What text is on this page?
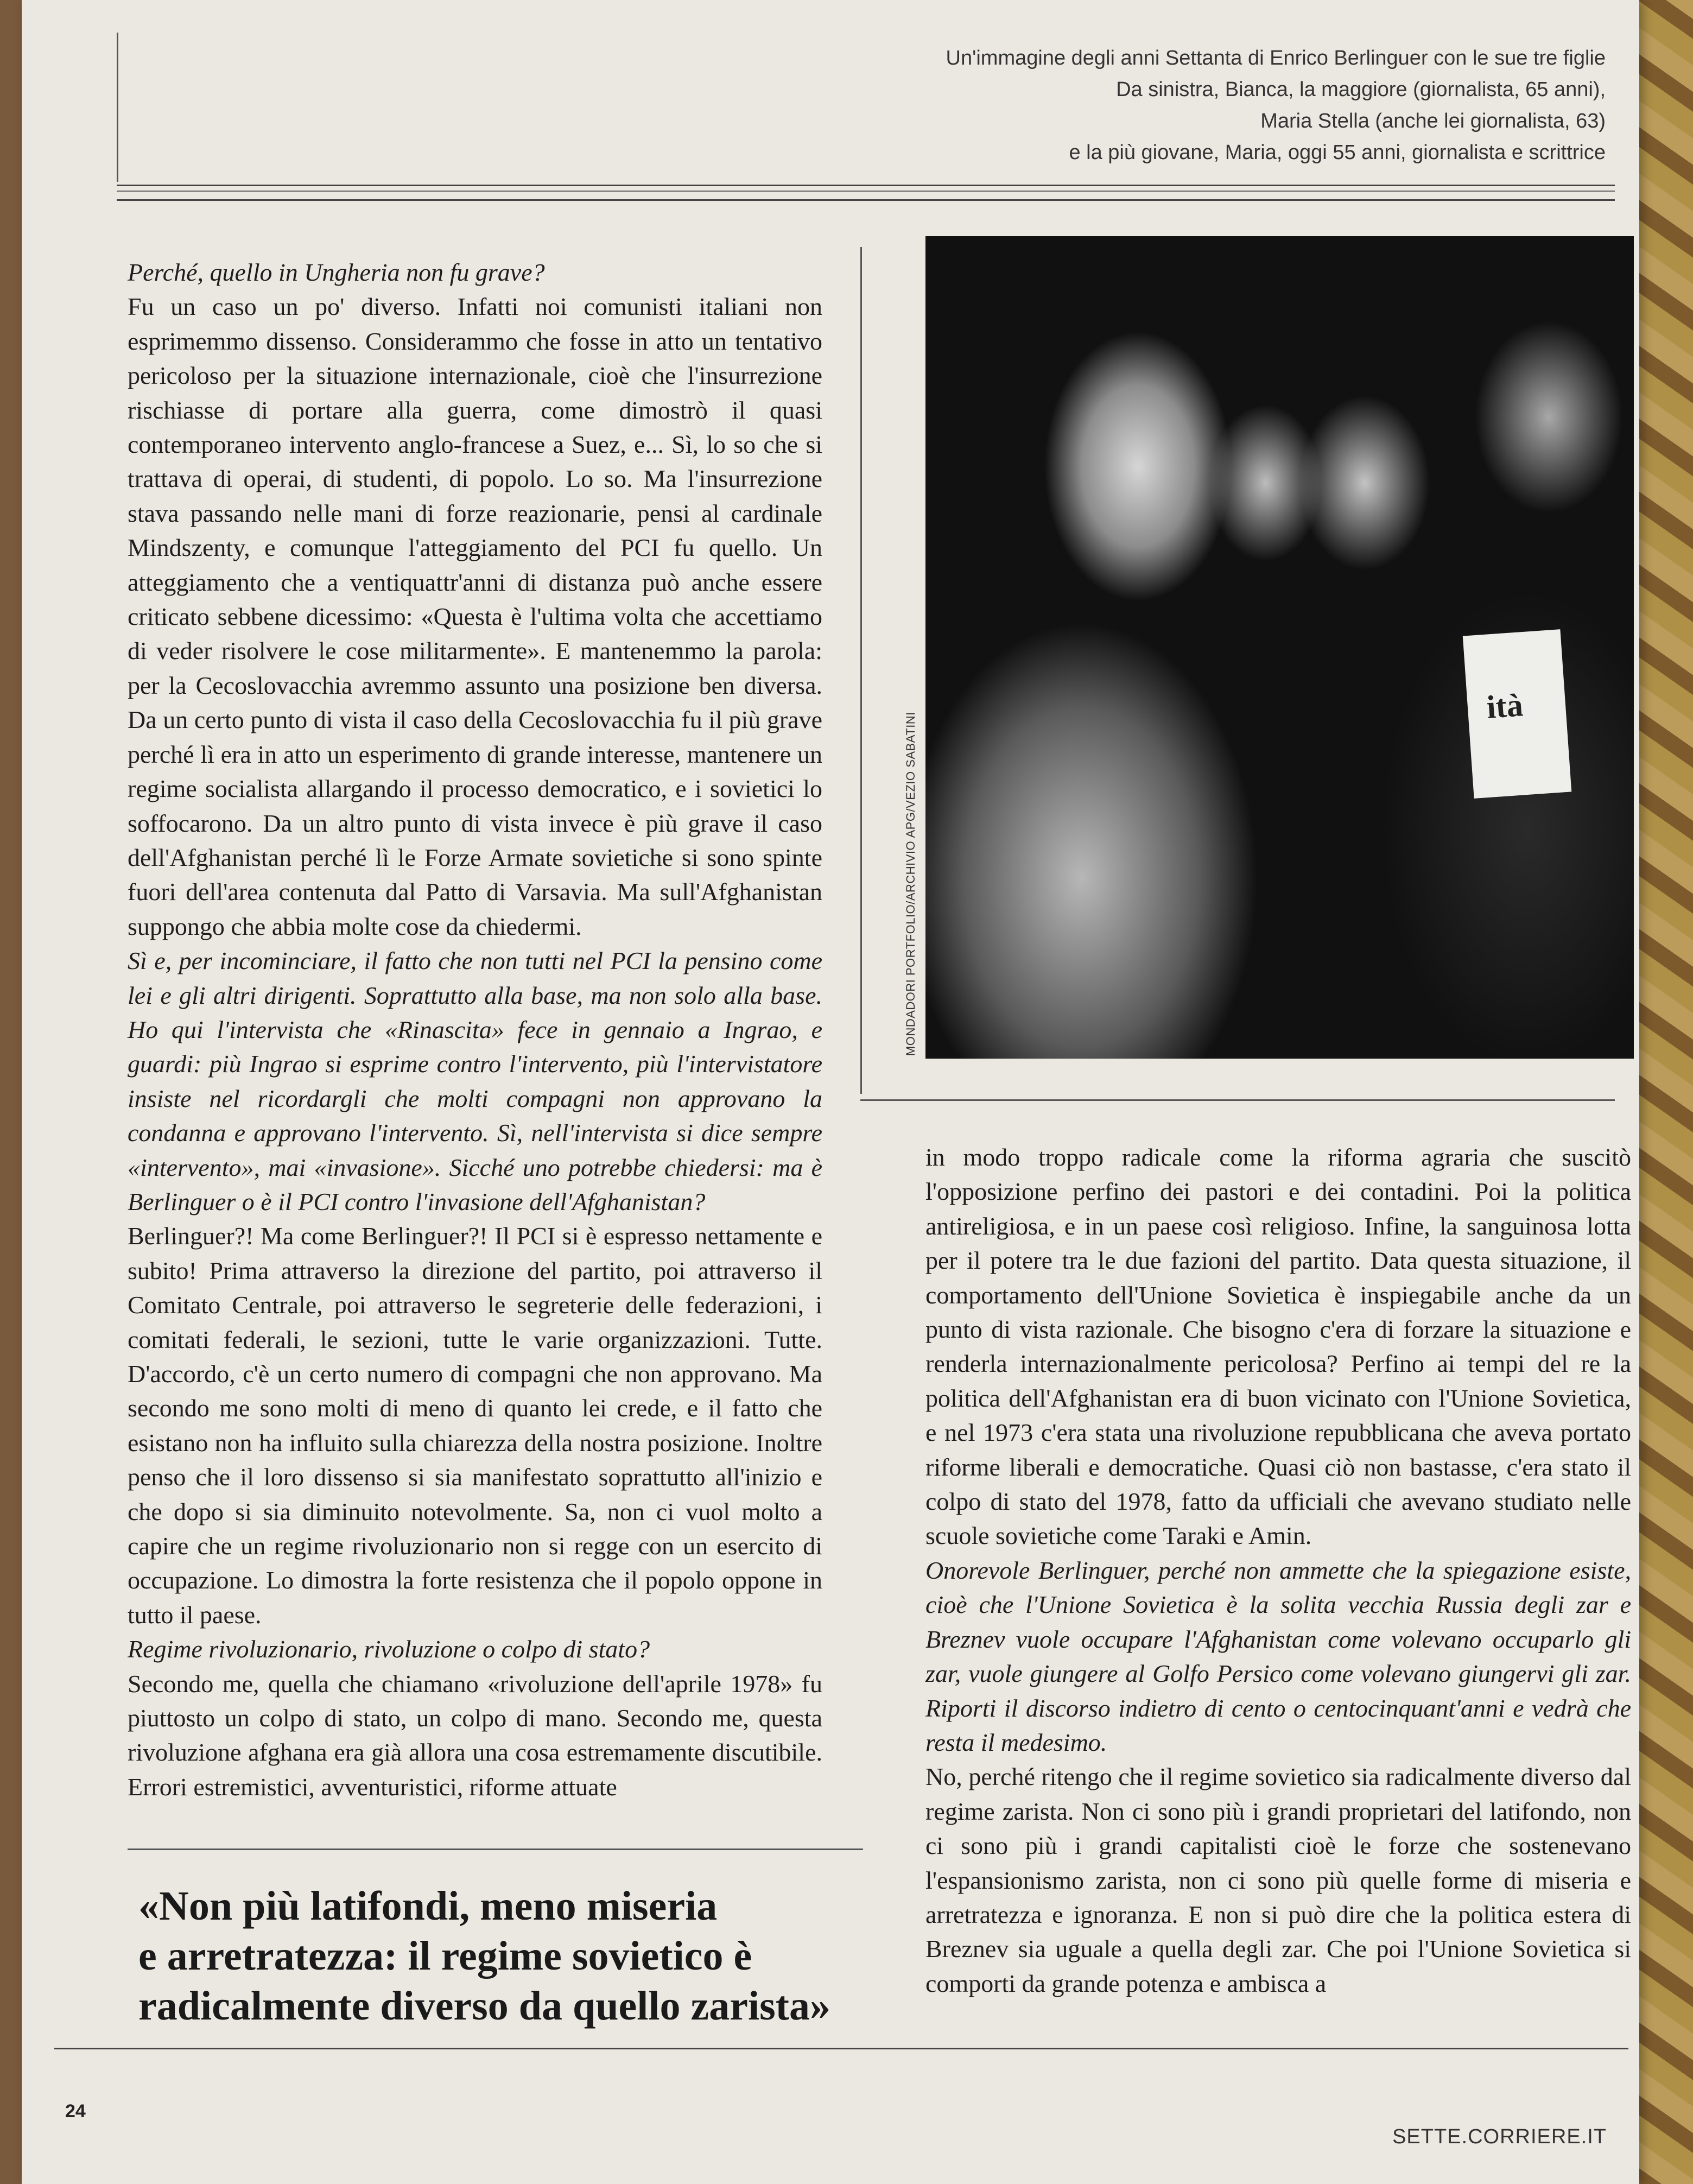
Un'immagine degli anni Settanta di Enrico Berlinguer con le sue tre figlie
Da sinistra, Bianca, la maggiore (giornalista, 65 anni),
Maria Stella (anche lei giornalista, 63)
e la più giovane, Maria, oggi 55 anni, giornalista e scrittrice

Perché, quello in Ungheria non fu grave?

Fu un caso un po' diverso. Infatti noi comunisti italiani non esprimemmo dissenso. Considerammo che fosse in atto un tentativo pericoloso per la situazione internazionale, cioè che l'insurrezione rischiasse di portare alla guerra, come dimostrò il quasi contemporaneo intervento anglo-francese a Suez, e... Sì, lo so che si trattava di operai, di studenti, di popolo. Lo so. Ma l'insurrezione stava passando nelle mani di forze reazionarie, pensi al cardinale Mindszenty, e comunque l'atteggiamento del PCI fu quello. Un atteggiamento che a ventiquattr'anni di distanza può anche essere criticato sebbene dicessimo: «Questa è l'ultima volta che accettiamo di veder risolvere le cose militarmente». E mantenemmo la parola: per la Cecoslovacchia avremmo assunto una posizione ben diversa. Da un certo punto di vista il caso della Cecoslovacchia fu il più grave perché lì era in atto un esperimento di grande interesse, mantenere un regime socialista allargando il processo democratico, e i sovietici lo soffocarono. Da un altro punto di vista invece è più grave il caso dell'Afghanistan perché lì le Forze Armate sovietiche si sono spinte fuori dell'area contenuta dal Patto di Varsavia. Ma sull'Afghanistan suppongo che abbia molte cose da chiedermi.

Sì e, per incominciare, il fatto che non tutti nel PCI la pensino come lei e gli altri dirigenti. Soprattutto alla base, ma non solo alla base. Ho qui l'intervista che «Rinascita» fece in gennaio a Ingrao, e guardi: più Ingrao si esprime contro l'intervento, più l'intervistatore insiste nel ricordargli che molti compagni non approvano la condanna e approvano l'intervento. Sì, nell'intervista si dice sempre «intervento», mai «invasione». Sicché uno potrebbe chiedersi: ma è Berlinguer o è il PCI contro l'invasione dell'Afghanistan?

Berlinguer?! Ma come Berlinguer?! Il PCI si è espresso nettamente e subito! Prima attraverso la direzione del partito, poi attraverso il Comitato Centrale, poi attraverso le segreterie delle federazioni, i comitati federali, le sezioni, tutte le varie organizzazioni. Tutte. D'accordo, c'è un certo numero di compagni che non approvano. Ma secondo me sono molti di meno di quanto lei crede, e il fatto che esistano non ha influito sulla chiarezza della nostra posizione. Inoltre penso che il loro dissenso si sia manifestato soprattutto all'inizio e che dopo si sia diminuito notevolmente. Sa, non ci vuol molto a capire che un regime rivoluzionario non si regge con un esercito di occupazione. Lo dimostra la forte resistenza che il popolo oppone in tutto il paese.

Regime rivoluzionario, rivoluzione o colpo di stato?

Secondo me, quella che chiamano «rivoluzione dell'aprile 1978» fu piuttosto un colpo di stato, un colpo di mano. Secondo me, questa rivoluzione afghana era già allora una cosa estremamente discutibile. Errori estremistici, avventuristici, riforme attuate

ità
MONDADORI PORTFOLIO/ARCHIVIO APG/VEZIO SABATINI

in modo troppo radicale come la riforma agraria che suscitò l'opposizione perfino dei pastori e dei contadini. Poi la politica antireligiosa, e in un paese così religioso. Infine, la sanguinosa lotta per il potere tra le due fazioni del partito. Data questa situazione, il comportamento dell'Unione Sovietica è inspiegabile anche da un punto di vista razionale. Che bisogno c'era di forzare la situazione e renderla internazionalmente pericolosa? Perfino ai tempi del re la politica dell'Afghanistan era di buon vicinato con l'Unione Sovietica, e nel 1973 c'era stata una rivoluzione repubblicana che aveva portato riforme liberali e democratiche. Quasi ciò non bastasse, c'era stato il colpo di stato del 1978, fatto da ufficiali che avevano studiato nelle scuole sovietiche come Taraki e Amin.

Onorevole Berlinguer, perché non ammette che la spiegazione esiste, cioè che l'Unione Sovietica è la solita vecchia Russia degli zar e Breznev vuole occupare l'Afghanistan come volevano occuparlo gli zar, vuole giungere al Golfo Persico come volevano giungervi gli zar. Riporti il discorso indietro di cento o centocinquant'anni e vedrà che resta il medesimo.

No, perché ritengo che il regime sovietico sia radicalmente diverso dal regime zarista. Non ci sono più i grandi proprietari del latifondo, non ci sono più i grandi capitalisti cioè le forze che sostenevano l'espansionismo zarista, non ci sono più quelle forme di miseria e arretratezza e ignoranza. E non si può dire che la politica estera di Breznev sia uguale a quella degli zar. Che poi l'Unione Sovietica si comporti da grande potenza e ambisca a

«Non più latifondi, meno miseria
e arretratezza: il regime sovietico è
radicalmente diverso da quello zarista»
24
SETTE.CORRIERE.IT
